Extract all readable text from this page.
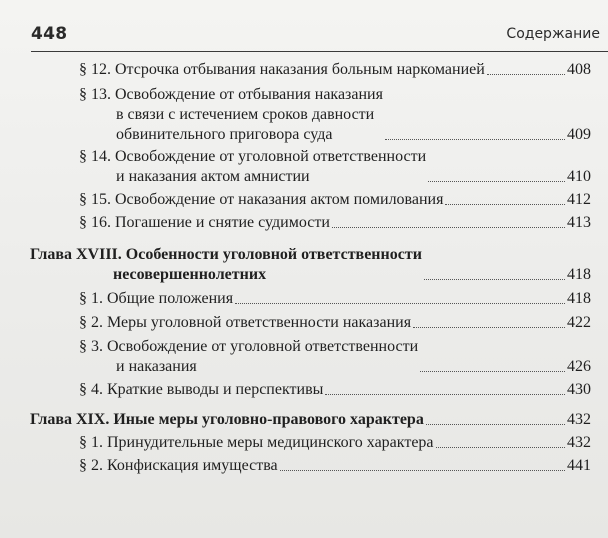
448	Содержание
§ 12. Отсрочка отбывания наказания больным наркоманией	408
§ 13. Освобождение от отбывания наказания
в связи с истечением сроков давности
обвинительного приговора суда	409
§ 14. Освобождение от уголовной ответственности
и наказания актом амнистии	410
§ 15. Освобождение от наказания актом помилования	412
§ 16. Погашение и снятие судимости	413
Глава XVIII. Особенности уголовной ответственности
несовершеннолетних	418
§ 1. Общие положения	418
§ 2. Меры уголовной ответственности наказания	422
§ 3. Освобождение от уголовной ответственности
и наказания	426
§ 4. Краткие выводы и перспективы	430
Глава XIX. Иные меры уголовно-правового характера	432
§ 1. Принудительные меры медицинского характера	432
§ 2. Конфискация имущества	441
